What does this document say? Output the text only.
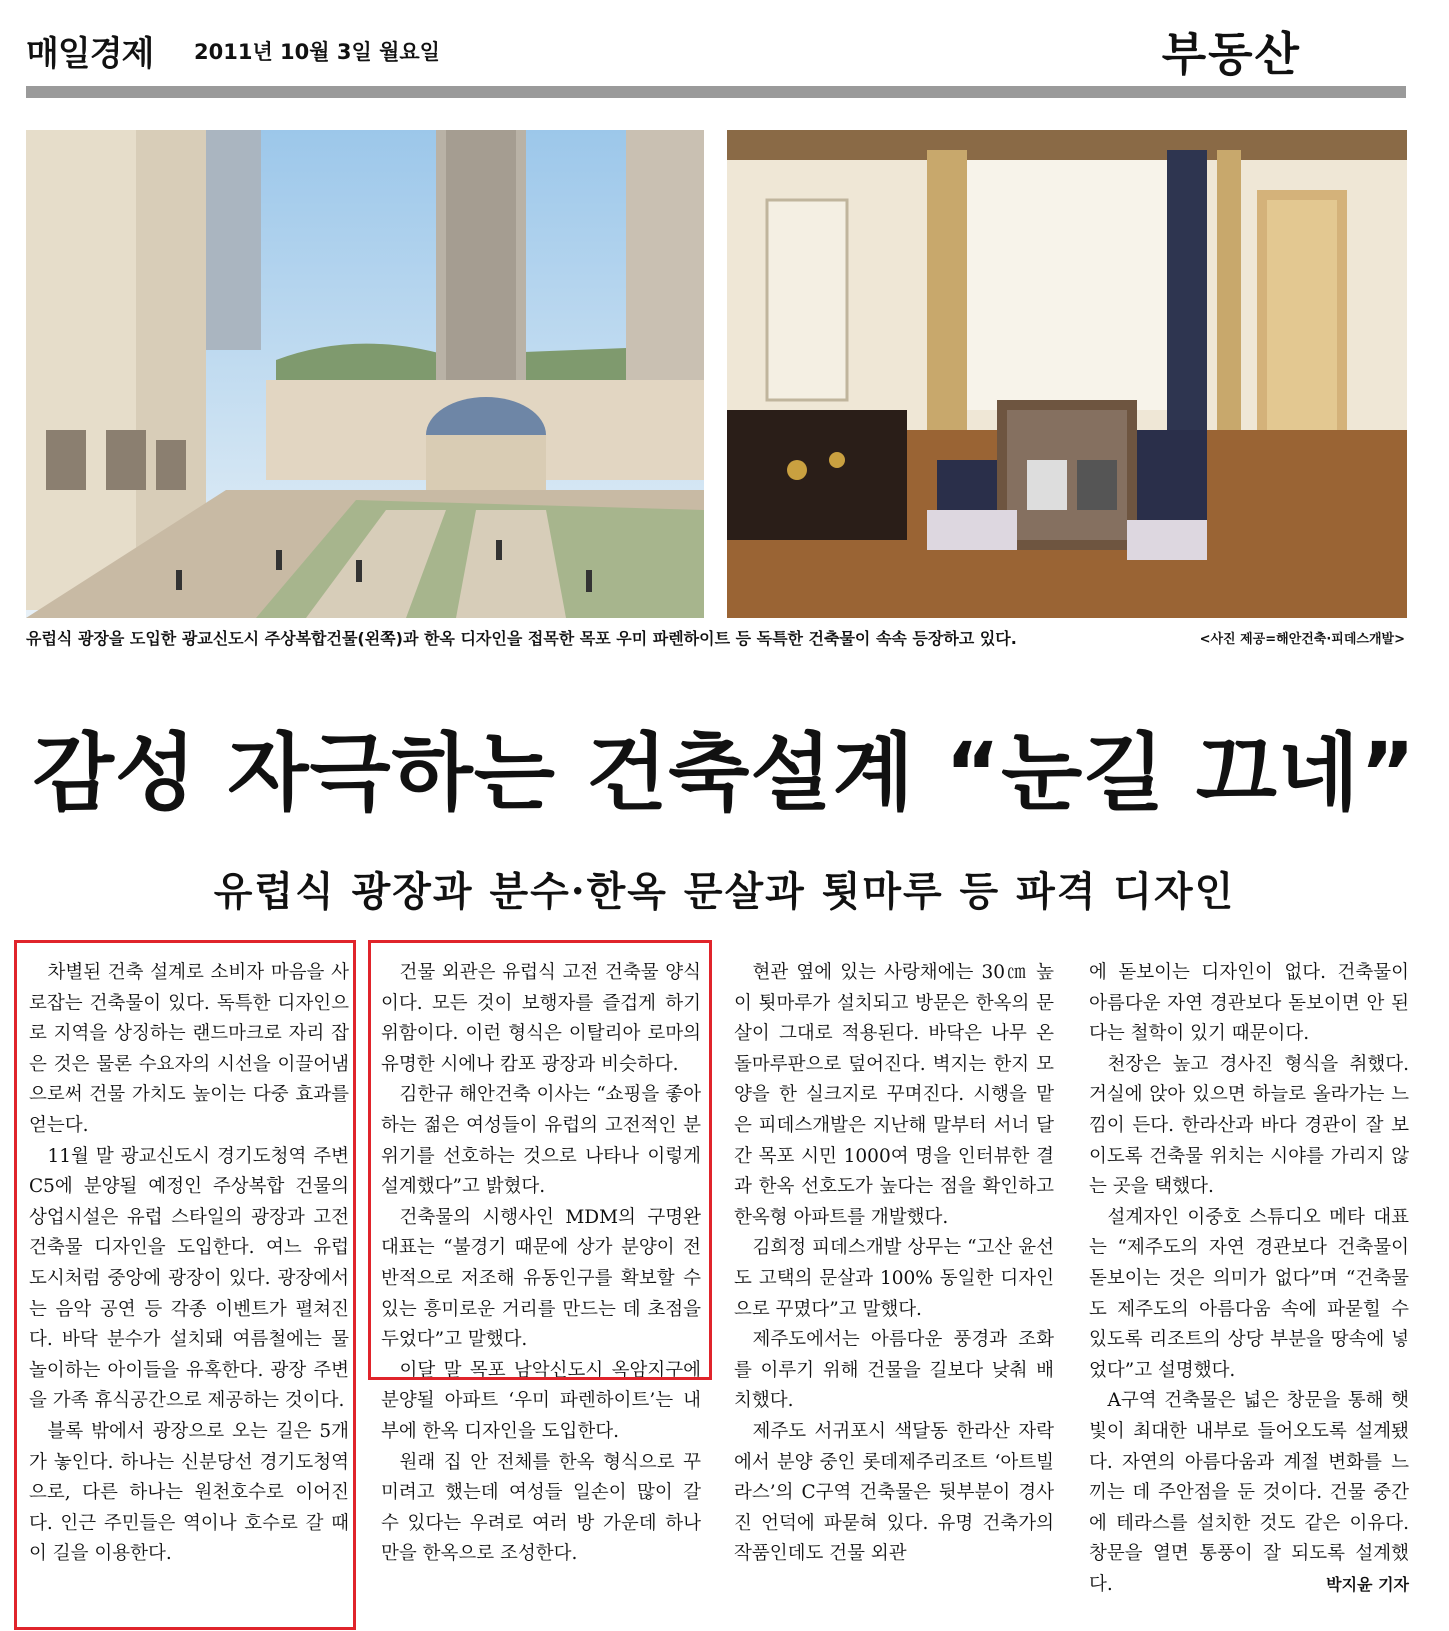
매일경제 2011년 10월 3일 월요일	부동산
유럽식 광장을 도입한 광교신도시 주상복합건물(왼쪽)과 한옥 디자인을 접목한 목포 우미 파렌하이트 등 독특한 건축물이 속속 등장하고 있다.	<사진 제공=해안건축·피데스개발>
감성 자극하는 건축설계 “눈길 끄네”
유럽식 광장과 분수·한옥 문살과 툇마루 등 파격 디자인

차별된 건축 설계로 소비자 마음을 사로잡는 건축물이 있다. 독특한 디자인으로 지역을 상징하는 랜드마크로 자리 잡은 것은 물론 수요자의 시선을 이끌어냄으로써 건물 가치도 높이는 다중 효과를 얻는다.

11월 말 광교신도시 경기도청역 주변 C5에 분양될 예정인 주상복합 건물의 상업시설은 유럽 스타일의 광장과 고전 건축물 디자인을 도입한다. 여느 유럽 도시처럼 중앙에 광장이 있다. 광장에서는 음악 공연 등 각종 이벤트가 펼쳐진다. 바닥 분수가 설치돼 여름철에는 물놀이하는 아이들을 유혹한다. 광장 주변을 가족 휴식공간으로 제공하는 것이다.

블록 밖에서 광장으로 오는 길은 5개가 놓인다. 하나는 신분당선 경기도청역으로, 다른 하나는 원천호수로 이어진다. 인근 주민들은 역이나 호수로 갈 때 이 길을 이용한다.

건물 외관은 유럽식 고전 건축물 양식이다. 모든 것이 보행자를 즐겁게 하기 위함이다. 이런 형식은 이탈리아 로마의 유명한 시에나 캄포 광장과 비슷하다.

김한규 해안건축 이사는 “쇼핑을 좋아하는 젊은 여성들이 유럽의 고전적인 분위기를 선호하는 것으로 나타나 이렇게 설계했다”고 밝혔다.

건축물의 시행사인 MDM의 구명완 대표는 “불경기 때문에 상가 분양이 전반적으로 저조해 유동인구를 확보할 수 있는 흥미로운 거리를 만드는 데 초점을 두었다”고 말했다.

이달 말 목포 남악신도시 옥암지구에 분양될 아파트 ‘우미 파렌하이트’는 내부에 한옥 디자인을 도입한다.

원래 집 안 전체를 한옥 형식으로 꾸미려고 했는데 여성들 일손이 많이 갈 수 있다는 우려로 여러 방 가운데 하나만을 한옥으로 조성한다.

현관 옆에 있는 사랑채에는 30㎝ 높이 툇마루가 설치되고 방문은 한옥의 문살이 그대로 적용된다. 바닥은 나무 온돌마루판으로 덮어진다. 벽지는 한지 모양을 한 실크지로 꾸며진다. 시행을 맡은 피데스개발은 지난해 말부터 서너 달간 목포 시민 1000여 명을 인터뷰한 결과 한옥 선호도가 높다는 점을 확인하고 한옥형 아파트를 개발했다.

김희정 피데스개발 상무는 “고산 윤선도 고택의 문살과 100% 동일한 디자인으로 꾸몄다”고 말했다.

제주도에서는 아름다운 풍경과 조화를 이루기 위해 건물을 길보다 낮춰 배치했다.

제주도 서귀포시 색달동 한라산 자락에서 분양 중인 롯데제주리조트 ‘아트빌라스’의 C구역 건축물은 뒷부분이 경사진 언덕에 파묻혀 있다. 유명 건축가의 작품인데도 건물 외관

에 돋보이는 디자인이 없다. 건축물이 아름다운 자연 경관보다 돋보이면 안 된다는 철학이 있기 때문이다.

천장은 높고 경사진 형식을 취했다. 거실에 앉아 있으면 하늘로 올라가는 느낌이 든다. 한라산과 바다 경관이 잘 보이도록 건축물 위치는 시야를 가리지 않는 곳을 택했다.

설계자인 이중호 스튜디오 메타 대표는 “제주도의 자연 경관보다 건축물이 돋보이는 것은 의미가 없다”며 “건축물도 제주도의 아름다움 속에 파묻힐 수 있도록 리조트의 상당 부분을 땅속에 넣었다”고 설명했다.

A구역 건축물은 넓은 창문을 통해 햇빛이 최대한 내부로 들어오도록 설계됐다. 자연의 아름다움과 계절 변화를 느끼는 데 주안점을 둔 것이다. 건물 중간에 테라스를 설치한 것도 같은 이유다. 창문을 열면 통풍이 잘 되도록 설계했다.	박지윤 기자
